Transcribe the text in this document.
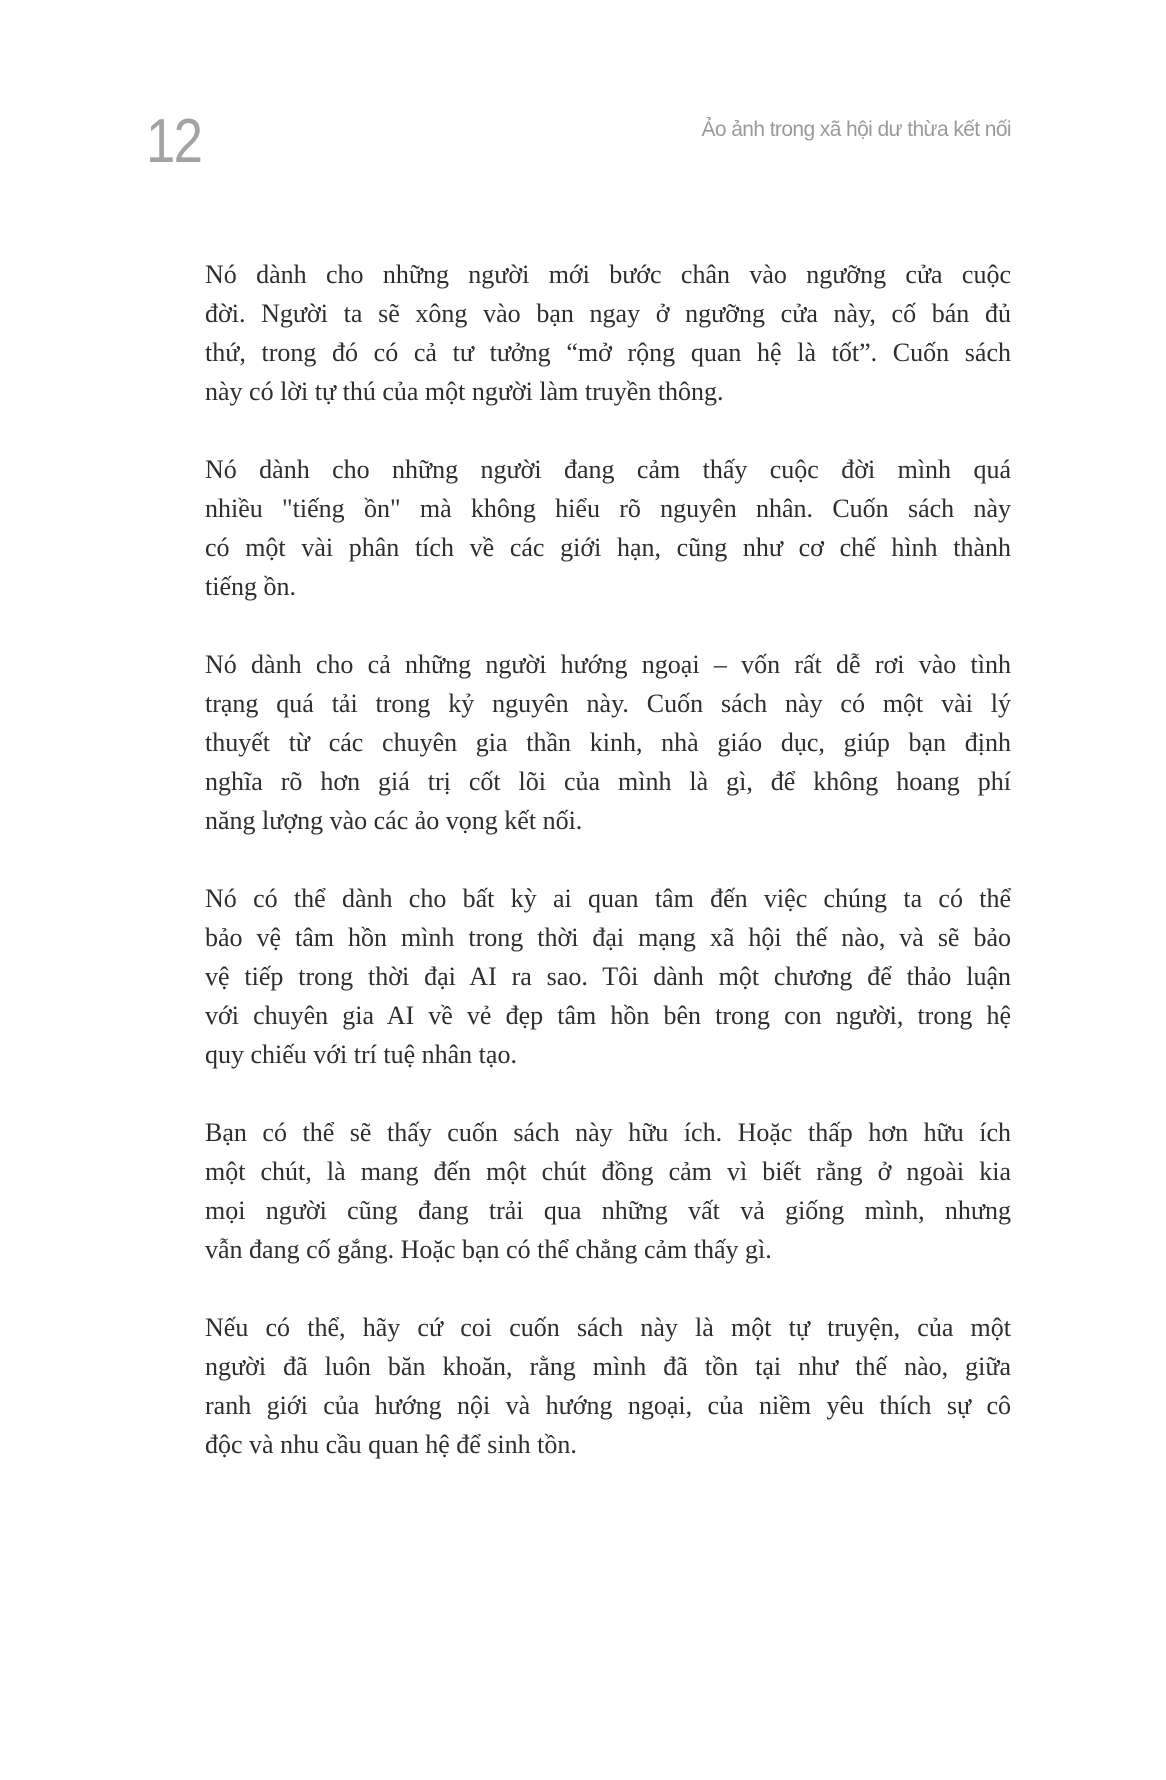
12	Ảo ảnh trong xã hội dư thừa kết nối
Nó dành cho những người mới bước chân vào ngưỡng cửa cuộc
đời. Người ta sẽ xông vào bạn ngay ở ngưỡng cửa này, cố bán đủ
thứ, trong đó có cả tư tưởng “mở rộng quan hệ là tốt”. Cuốn sách
này có lời tự thú của một người làm truyền thông.
Nó dành cho những người đang cảm thấy cuộc đời mình quá
nhiều "tiếng ồn" mà không hiểu rõ nguyên nhân. Cuốn sách này
có một vài phân tích về các giới hạn, cũng như cơ chế hình thành
tiếng ồn.
Nó dành cho cả những người hướng ngoại – vốn rất dễ rơi vào tình
trạng quá tải trong kỷ nguyên này. Cuốn sách này có một vài lý
thuyết từ các chuyên gia thần kinh, nhà giáo dục, giúp bạn định
nghĩa rõ hơn giá trị cốt lõi của mình là gì, để không hoang phí
năng lượng vào các ảo vọng kết nối.
Nó có thể dành cho bất kỳ ai quan tâm đến việc chúng ta có thể
bảo vệ tâm hồn mình trong thời đại mạng xã hội thế nào, và sẽ bảo
vệ tiếp trong thời đại AI ra sao. Tôi dành một chương để thảo luận
với chuyên gia AI về vẻ đẹp tâm hồn bên trong con người, trong hệ
quy chiếu với trí tuệ nhân tạo.
Bạn có thể sẽ thấy cuốn sách này hữu ích. Hoặc thấp hơn hữu ích
một chút, là mang đến một chút đồng cảm vì biết rằng ở ngoài kia
mọi người cũng đang trải qua những vất vả giống mình, nhưng
vẫn đang cố gắng. Hoặc bạn có thể chẳng cảm thấy gì.
Nếu có thể, hãy cứ coi cuốn sách này là một tự truyện, của một
người đã luôn băn khoăn, rằng mình đã tồn tại như thế nào, giữa
ranh giới của hướng nội và hướng ngoại, của niềm yêu thích sự cô
độc và nhu cầu quan hệ để sinh tồn.
